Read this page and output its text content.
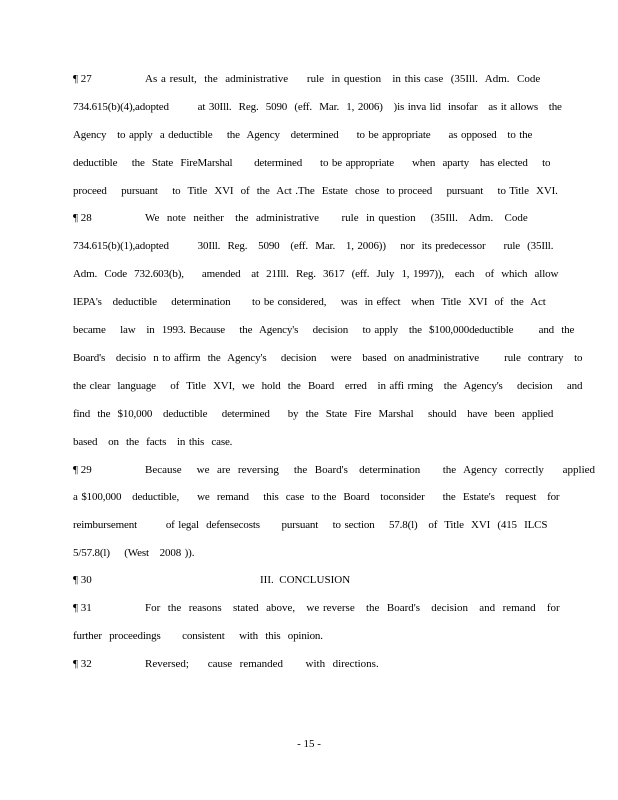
¶ 27	As a result,  the  administrative     rule  in question   in this case  (35Ill.  Adm.  Code
734.615(b)(4),adopted        at 30Ill.  Reg.  5090  (eff.  Mar.  1, 2006)   )is inva lid  insofar   as it allows   the
Agency   to apply  a deductible    the  Agency   determined     to be appropriate     as opposed   to the
deductible    the  State  FireMarshal      determined     to be appropriate     when  aparty   has elected    to
proceed    pursuant    to  Title  XVI  of  the  Act .The  Estate  chose  to proceed    pursuant    to Title  XVI.
¶ 28	We  note  neither   the  administrative      rule  in question    (35Ill.   Adm.   Code
734.615(b)(1),adopted        30Ill.  Reg.   5090   (eff.  Mar.   1, 2006))    nor  its predecessor     rule  (35Ill.
Adm.  Code  732.603(b),     amended   at  21Ill.  Reg.  3617  (eff.  July  1, 1997)),   each   of  which  allow
IEPA's   deductible    determination      to be considered,    was  in effect   when  Title  XVI  of  the  Act
became    law   in  1993. Because    the  Agency's    decision    to apply   the  $100,000deductible       and  the
Board's   decisio  n to affirm  the  Agency's    decision    were   based  on anadministrative       rule  contrary   to
the clear  language    of  Title  XVI,  we  hold  the  Board   erred   in affi rming   the  Agency's    decision    and
find  the  $10,000   deductible    determined     by  the  State  Fire  Marshal    should   have  been  applied
based   on  the  facts   in this  case.
¶ 29	Because    we  are  reversing    the  Board's   determination      the  Agency  correctly     applied
a $100,000   deductible,     we  remand    this  case  to the  Board   toconsider     the  Estate's   request   for
reimbursement        of legal  defensecosts      pursuant    to section    57.8(l)   of  Title  XVI  (415  ILCS
5/57.8(l)    (West   2008 )).
¶ 30	III.  CONCLUSION
¶ 31	For  the  reasons   stated  above,   we reverse   the  Board's   decision   and  remand   for
further  proceedings      consistent    with  this  opinion.
¶ 32	Reversed;     cause  remanded      with  directions.
- 15 -
